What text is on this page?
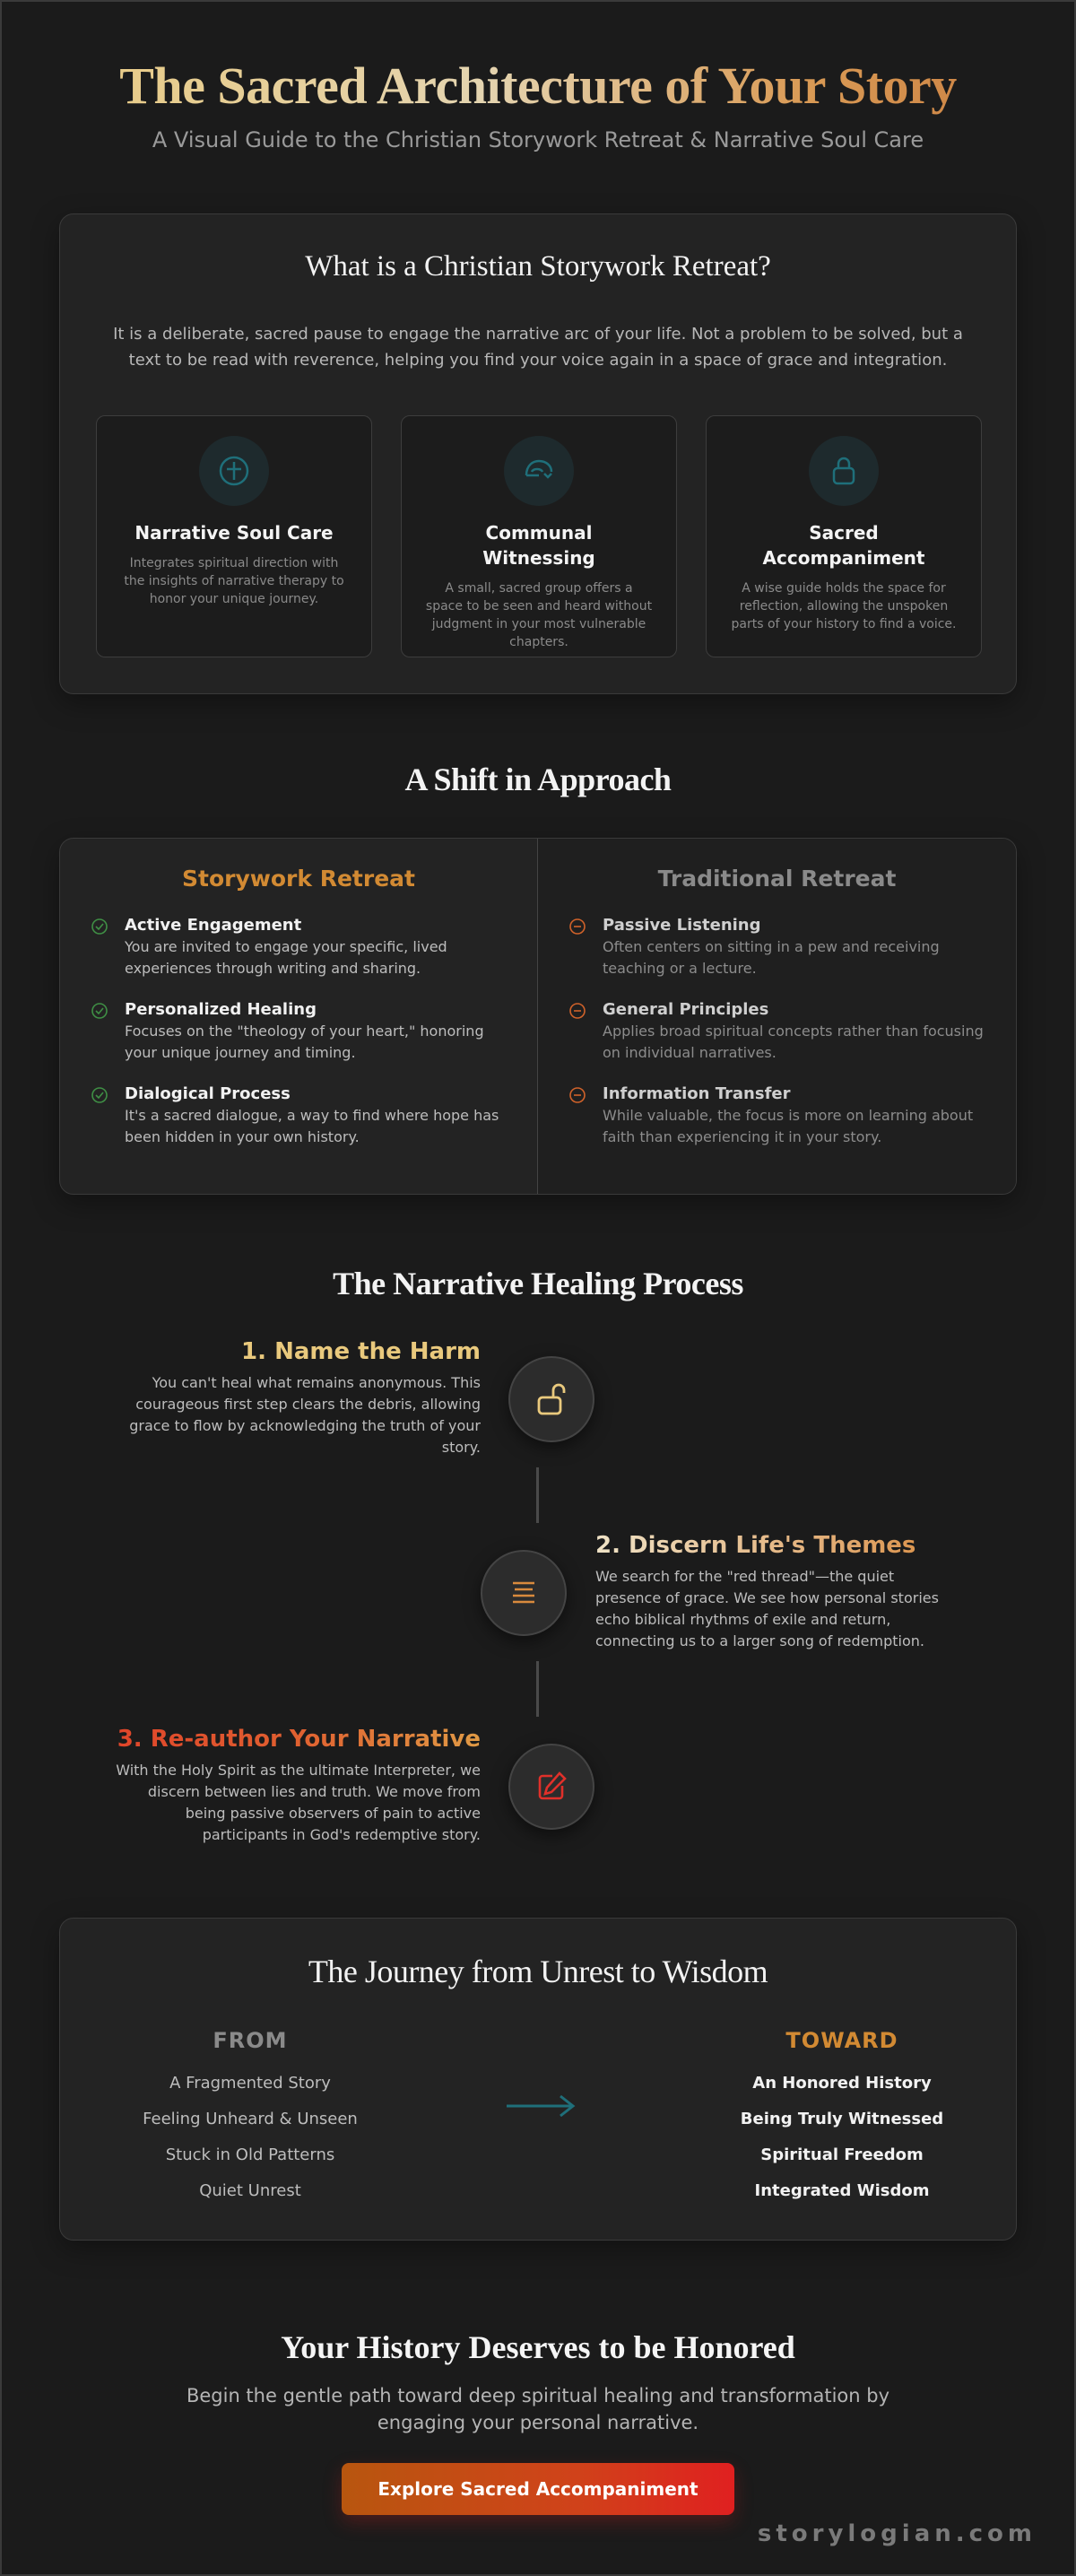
The Sacred Architecture of Your Story
A Visual Guide to the Christian Storywork Retreat & Narrative Soul Care
What is a Christian Storywork Retreat?

It is a deliberate, sacred pause to engage the narrative arc of your life. Not a problem to be solved, but a text to be read with reverence, helping you find your voice again in a space of grace and integration.

Narrative Soul Care

Integrates spiritual direction with the insights of narrative therapy to honor your unique journey.

Communal Witnessing

A small, sacred group offers a space to be seen and heard without judgment in your most vulnerable chapters.

Sacred Accompaniment

A wise guide holds the space for reflection, allowing the unspoken parts of your history to find a voice.

A Shift in Approach
Storywork Retreat
Active Engagement

You are invited to engage your specific, lived experiences through writing and sharing.

Personalized Healing

Focuses on the "theology of your heart," honoring your unique journey and timing.

Dialogical Process

It's a sacred dialogue, a way to find where hope has been hidden in your own history.

Traditional Retreat
Passive Listening

Often centers on sitting in a pew and receiving teaching or a lecture.

General Principles

Applies broad spiritual concepts rather than focusing on individual narratives.

Information Transfer

While valuable, the focus is more on learning about faith than experiencing it in your story.

The Narrative Healing Process
1. Name the Harm

You can't heal what remains anonymous. This courageous first step clears the debris, allowing grace to flow by acknowledging the truth of your story.

2. Discern Life's Themes

We search for the "red thread"—the quiet presence of grace. We see how personal stories echo biblical rhythms of exile and return, connecting us to a larger song of redemption.

3. Re-author Your Narrative

With the Holy Spirit as the ultimate Interpreter, we discern between lies and truth. We move from being passive observers of pain to active participants in God's redemptive story.

The Journey from Unrest to Wisdom
FROM
A Fragmented Story
Feeling Unheard & Unseen
Stuck in Old Patterns
Quiet Unrest
TOWARD
An Honored History
Being Truly Witnessed
Spiritual Freedom
Integrated Wisdom
Your History Deserves to be Honored

Begin the gentle path toward deep spiritual healing and transformation by engaging your personal narrative.

Explore Sacred Accompaniment
storylogian.com
